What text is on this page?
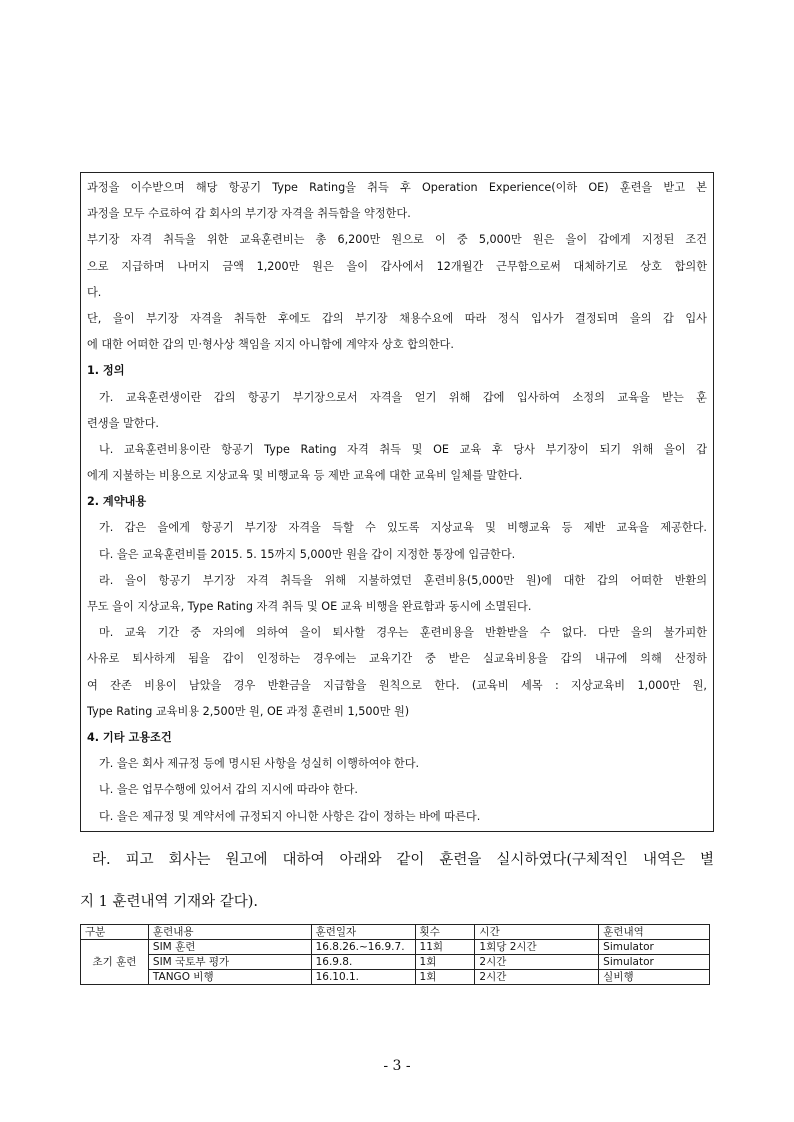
과정을 이수받으며 해당 항공기 Type Rating을 취득 후 Operation Experience(이하 OE) 훈련을 받고 본
과정을 모두 수료하여 갑 회사의 부기장 자격을 취득함을 약정한다.
부기장 자격 취득을 위한 교육훈련비는 총 6,200만 원으로 이 중 5,000만 원은 을이 갑에게 지정된 조건
으로 지급하며 나머지 금액 1,200만 원은 을이 갑사에서 12개월간 근무함으로써 대체하기로 상호 합의한
다.
단, 을이 부기장 자격을 취득한 후에도 갑의 부기장 채용수요에 따라 정식 입사가 결정되며 을의 갑 입사
에 대한 어떠한 갑의 민·형사상 책임을 지지 아니함에 계약자 상호 합의한다.
1. 정의
가. 교육훈련생이란 갑의 항공기 부기장으로서 자격을 얻기 위해 갑에 입사하여 소정의 교육을 받는 훈
련생을 말한다.
나. 교육훈련비용이란 항공기 Type Rating 자격 취득 및 OE 교육 후 당사 부기장이 되기 위해 을이 갑
에게 지불하는 비용으로 지상교육 및 비행교육 등 제반 교육에 대한 교육비 일체를 말한다.
2. 계약내용
가. 갑은 을에게 항공기 부기장 자격을 득할 수 있도록 지상교육 및 비행교육 등 제반 교육을 제공한다.
다. 을은 교육훈련비를 2015. 5. 15까지 5,000만 원을 갑이 지정한 통장에 입금한다.
라. 을이 항공기 부기장 자격 취득을 위해 지불하였던 훈련비용(5,000만 원)에 대한 갑의 어떠한 반환의
무도 을이 지상교육, Type Rating 자격 취득 및 OE 교육 비행을 완료함과 동시에 소멸된다.
마. 교육 기간 중 자의에 의하여 을이 퇴사할 경우는 훈련비용을 반환받을 수 없다. 다만 을의 불가피한
사유로 퇴사하게 됨을 갑이 인정하는 경우에는 교육기간 중 받은 실교육비용을 갑의 내규에 의해 산정하
여 잔존 비용이 남았을 경우 반환금을 지급함을 원칙으로 한다. (교육비 세목 : 지상교육비 1,000만 원,
Type Rating 교육비용 2,500만 원, OE 과정 훈련비 1,500만 원)
4. 기타 고용조건
가. 을은 회사 제규정 등에 명시된 사항을 성실히 이행하여야 한다.
나. 을은 업무수행에 있어서 갑의 지시에 따라야 한다.
다. 을은 제규정 및 계약서에 규정되지 아니한 사항은 갑이 정하는 바에 따른다.
라. 피고 회사는 원고에 대하여 아래와 같이 훈련을 실시하였다(구체적인 내역은 별
지 1 훈련내역 기재와 같다).
구분	훈련내용	훈련일자	횟수	시간	훈련내역
초기 훈련	SIM 훈련	16.8.26.~16.9.7.	11회	1회당 2시간	Simulator
	SIM 국토부 평가	16.9.8.	1회	2시간	Simulator
	TANGO 비행	16.10.1.	1회	2시간	실비행
- 3 -
